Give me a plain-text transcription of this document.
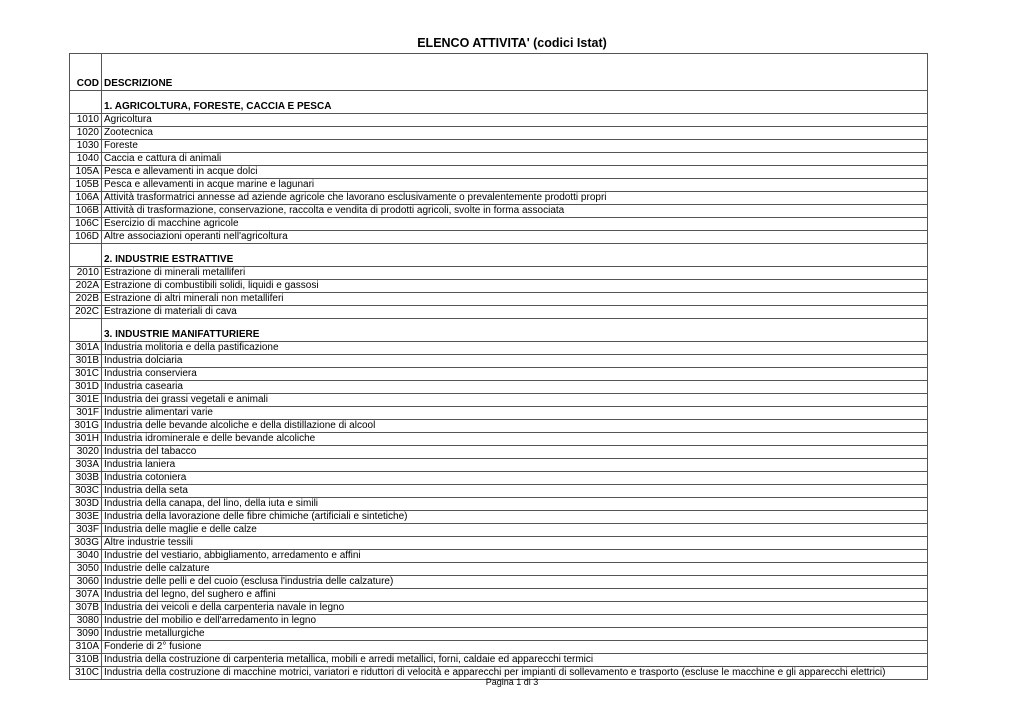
ELENCO ATTIVITA' (codici Istat)
COD	DESCRIZIONE
	1. AGRICOLTURA, FORESTE, CACCIA E PESCA
1010	Agricoltura
1020	Zootecnica
1030	Foreste
1040	Caccia e cattura di animali
105A	Pesca e allevamenti in acque dolci
105B	Pesca e allevamenti in acque marine e lagunari
106A	Attività trasformatrici annesse ad aziende agricole che lavorano esclusivamente o prevalentemente prodotti propri
106B	Attività di trasformazione, conservazione, raccolta e vendita di prodotti agricoli, svolte in forma associata
106C	Esercizio di macchine agricole
106D	Altre associazioni operanti nell'agricoltura
	2. INDUSTRIE ESTRATTIVE
2010	Estrazione di minerali metalliferi
202A	Estrazione di combustibili solidi, liquidi e gassosi
202B	Estrazione di altri minerali non metalliferi
202C	Estrazione di materiali di cava
	3. INDUSTRIE MANIFATTURIERE
301A	Industria molitoria e della pastificazione
301B	Industria dolciaria
301C	Industria conserviera
301D	Industria casearia
301E	Industria dei grassi vegetali e animali
301F	Industrie alimentari varie
301G	Industria delle bevande alcoliche e della distillazione di alcool
301H	Industria idrominerale e delle bevande alcoliche
3020	Industria del tabacco
303A	Industria laniera
303B	Industria cotoniera
303C	Industria della seta
303D	Industria della canapa, del lino, della iuta e simili
303E	Industria della lavorazione delle fibre chimiche (artificiali e sintetiche)
303F	Industria delle maglie e delle calze
303G	Altre industrie tessili
3040	Industrie del vestiario, abbigliamento, arredamento e affini
3050	Industrie delle calzature
3060	Industrie delle pelli e del cuoio (esclusa l'industria delle calzature)
307A	Industria del legno, del sughero e affini
307B	Industria dei veicoli e della carpenteria navale in legno
3080	Industrie del mobilio e dell'arredamento in legno
3090	Industrie metallurgiche
310A	Fonderie di 2° fusione
310B	Industria della costruzione di carpenteria metallica, mobili e arredi metallici, forni, caldaie ed apparecchi termici
310C	Industria della costruzione di macchine motrici, variatori e riduttori di velocità e apparecchi per impianti di sollevamento e trasporto (escluse le macchine e gli apparecchi elettrici)
Pagina 1 di 3
